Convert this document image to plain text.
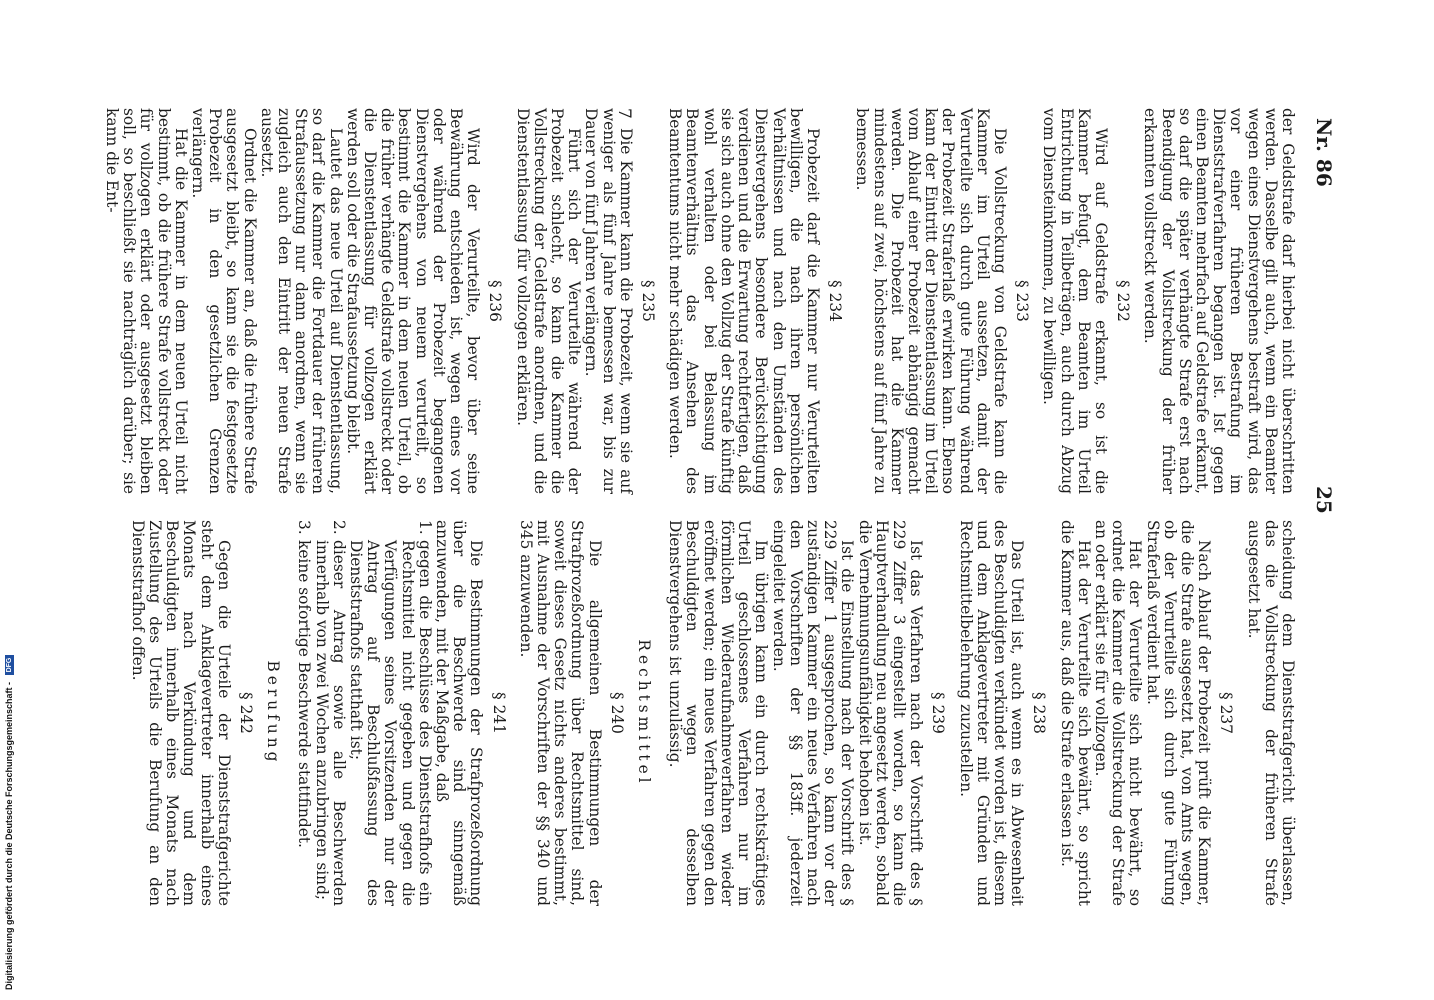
Nr. 86
25

der Geldstrafe darf hierbei nicht überschritten werden. Dasselbe gilt auch, wenn ein Beamter wegen eines Dienstvergehens bestraft wird, das vor einer früheren Bestrafung im Dienststrafverfahren begangen ist. Ist gegen einen Beamten mehrfach auf Geldstrafe erkannt, so darf die später verhängte Strafe erst nach Beendigung der Vollstreckung der früher erkannten vollstreckt werden.

§ 232

Wird auf Geldstrafe erkannt, so ist die Kammer befugt, dem Beamten im Urteil Entrichtung in Teilbeträgen, auch durch Abzug vom Diensteinkommen, zu bewilligen.

§ 233

Die Vollstreckung von Geldstrafe kann die Kammer im Urteil aussetzen, damit der Verurteilte sich durch gute Führung während der Probezeit Straferlaß erwirken kann. Ebenso kann der Eintritt der Dienstentlassung im Urteil vom Ablauf einer Probezeit abhängig gemacht werden. Die Probezeit hat die Kammer mindestens auf zwei, höchstens auf fünf Jahre zu bemessen.

§ 234

Probezeit darf die Kammer nur Verurteilten bewilligen, die nach ihren persönlichen Verhältnissen und nach den Umständen des Dienstvergehens besondere Berücksichtigung verdienen und die Erwartung rechtfertigen, daß sie sich auch ohne den Vollzug der Strafe künftig wohl verhalten oder bei Belassung im Beamtenverhältnis das Ansehen des Beamtentums nicht mehr schädigen werden.

§ 235

Die Kammer kann die Probezeit, wenn sie auf weniger als fünf Jahre bemessen war, bis zur Dauer von fünf Jahren verlängern.

Führt sich der Verurteilte während der Probezeit schlecht, so kann die Kammer die Vollstreckung der Geldstrafe anordnen, und die Dienstentlassung für vollzogen erklären.

§ 236

Wird der Verurteilte, bevor über seine Bewährung entschieden ist, wegen eines vor oder während der Probezeit begangenen Dienstvergehens von neuem verurteilt, so bestimmt die Kammer in dem neuen Urteil, ob die früher verhängte Geldstrafe vollstreckt oder die Dienstentlassung für vollzogen erklärt werden soll oder die Strafaussetzung bleibt.

Lautet das neue Urteil auf Dienstentlassung, so darf die Kammer die Fortdauer der früheren Strafaussetzung nur dann anordnen, wenn sie zugleich auch den Eintritt der neuen Strafe aussetzt.

Ordnet die Kammer an, daß die frühere Strafe ausgesetzt bleibt, so kann sie die festgesetzte Probezeit in den gesetzlichen Grenzen verlängern.

Hat die Kammer in dem neuen Urteil nicht bestimmt, ob die frühere Strafe vollstreckt oder für vollzogen erklärt oder ausgesetzt bleiben soll, so beschließt sie nachträglich darüber; sie kann die Ent-

scheidung dem Dienststrafgericht überlassen, das die Vollstreckung der früheren Strafe ausgesetzt hat.

§ 237

Nach Ablauf der Probezeit prüft die Kammer, die die Strafe ausgesetzt hat, von Amts wegen, ob der Verurteilte sich durch gute Führung Straferlaß verdient hat.

Hat der Verurteilte sich nicht bewährt, so ordnet die Kammer die Vollstreckung der Strafe an oder erklärt sie für vollzogen.

Hat der Verurteilte sich bewährt, so spricht die Kammer aus, daß die Strafe erlassen ist.

§ 238

Das Urteil ist, auch wenn es in Abwesenheit des Beschuldigten verkündet worden ist, diesem und dem Anklagevertreter mit Gründen und Rechtsmittelbelehrung zuzustellen.

§ 239

Ist das Verfahren nach der Vorschrift des § 229 Ziffer 3 eingestellt worden, so kann die Hauptverhandlung neu angesetzt werden, sobald die Vernehmungsunfähigkeit behoben ist.

Ist die Einstellung nach der Vorschrift des § 229 Ziffer 1 ausgesprochen, so kann vor der zuständigen Kammer ein neues Verfahren nach den Vorschriften der §§ 183ff. jederzeit eingeleitet werden.

Im übrigen kann ein durch rechtskräftiges Urteil geschlossenes Verfahren nur im förmlichen Wiederaufnahmeverfahren wieder eröffnet werden; ein neues Verfahren gegen den Beschuldigten wegen desselben Dienstvergehens ist unzulässig.

Rechtsmittel
§ 240

Die allgemeinen Bestimmungen der Strafprozeßordnung über Rechtsmittel sind, soweit dieses Gesetz nichts anderes bestimmt, mit Ausnahme der Vorschriften der §§ 340 und 345 anzuwenden.

§ 241

Die Bestimmungen der Strafprozeßordnung über die Beschwerde sind sinngemäß anzuwenden, mit der Maßgabe, daß

1.
gegen die Beschlüsse des Dienststrafhofs ein Rechtsmittel nicht gegeben und gegen die Verfügungen seines Vorsitzenden nur der Antrag auf Beschlußfassung des Dienststrafhofs statthaft ist;
2.
dieser Antrag sowie alle Beschwerden innerhalb von zwei Wochen anzubringen sind;
3.
keine sofortige Beschwerde stattfindet.
Berufung
§ 242

Gegen die Urteile der Dienststrafgerichte steht dem Anklagevertreter innerhalb eines Monats nach Verkündung und dem Beschuldigten innerhalb eines Monats nach Zustellung des Urteils die Berufung an den Dienststrafhof offen.

7
Digitalisierung gefördert durch die Deutsche Forschungsgemeinschaft - DFG
